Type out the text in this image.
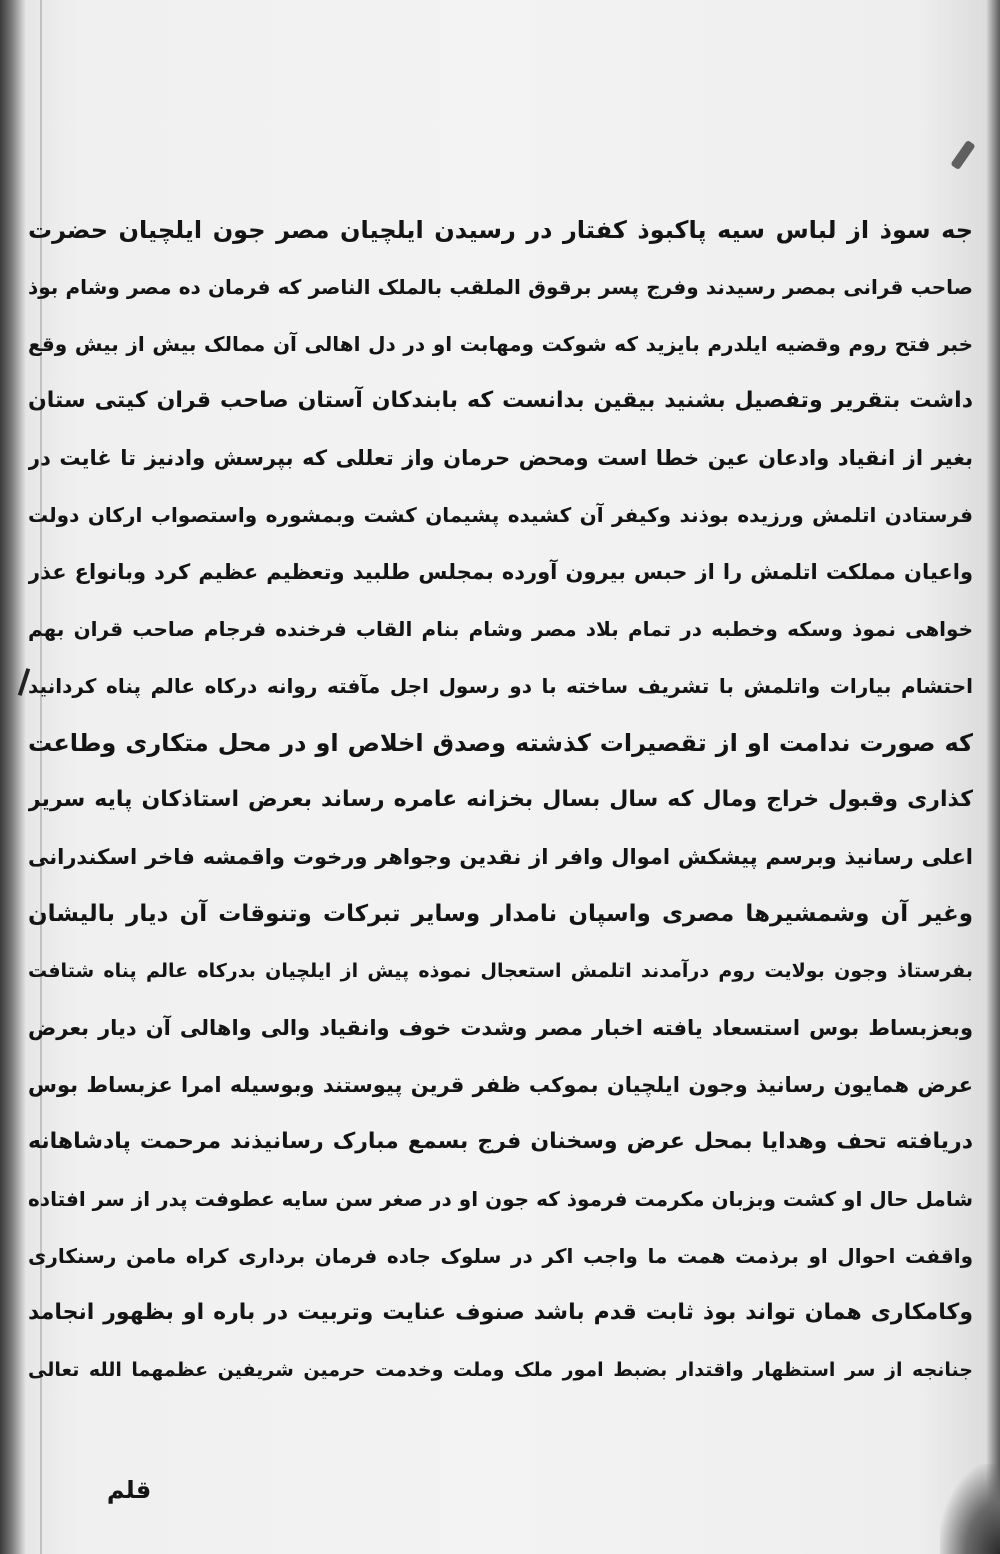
جه سوذ از لباس سیه پاکبوذ کفتار در رسیدن ایلچیان مصر جون ایلچیان حضرت
صاحب قرانی بمصر رسیدند وفرج پسر برقوق الملقب بالملک الناصر که فرمان ده مصر وشام بوذ
خبر فتح روم وقضیه ایلدرم بایزید که شوکت ومهابت او در دل اهالی آن ممالک بیش از بیش وقع
داشت بتقریر وتفصیل بشنید بیقین بدانست که بابندکان آستان صاحب قران کیتی ستان
بغیر از انقیاد وادعان عین خطا است ومحض حرمان واز تعللی که بپرسش وادنیز تا غایت در
فرستادن اتلمش ورزیده بوذند وکیفر آن کشیده پشیمان کشت وبمشوره واستصواب ارکان دولت
واعیان مملکت اتلمش را از حبس بیرون آورده بمجلس طلبید وتعظیم عظیم کرد وبانواع عذر
خواهی نموذ وسکه وخطبه در تمام بلاد مصر وشام بنام القاب فرخنده فرجام صاحب قران بهم
احتشام بیارات واتلمش با تشریف ساخته با دو رسول اجل مآفته روانه درکاه عالم پناه کردانید
که صورت ندامت او از تقصیرات کذشته وصدق اخلاص او در محل متکاری وطاعت
کذاری وقبول خراج ومال که سال بسال بخزانه عامره رساند بعرض استاذکان پایه سریر
اعلی رسانیذ وبرسم پیشکش اموال وافر از نقدین وجواهر ورخوت واقمشه فاخر اسکندرانی
وغیر آن وشمشیرها مصری واسپان نامدار وسایر تبرکات وتنوقات آن دیار بالیشان
بفرستاذ وجون بولایت روم درآمدند اتلمش استعجال نموذه پیش از ایلچیان بدرکاه عالم پناه شتافت
وبعزبساط بوس استسعاد یافته اخبار مصر وشدت خوف وانقیاد والی واهالی آن دیار بعرض
عرض همایون رسانیذ وجون ایلچیان بموکب ظفر قرین پیوستند وبوسیله امرا عزبساط بوس
دریافته تحف وهدایا بمحل عرض وسخنان فرج بسمع مبارک رسانیذند مرحمت پادشاهانه
شامل حال او کشت وبزبان مکرمت فرموذ که جون او در صغر سن سایه عطوفت پدر از سر افتاده
واقفت احوال او برذمت همت ما واجب اکر در سلوک جاده فرمان برداری کراه مامن رسنکاری
وکامکاری همان تواند بوذ ثابت قدم باشد صنوف عنایت وتربیت در باره او بظهور انجامد
جنانجه از سر استظهار واقتدار بضبط امور ملک وملت وخدمت حرمین شریفین عظمهما الله تعالی
قلم
